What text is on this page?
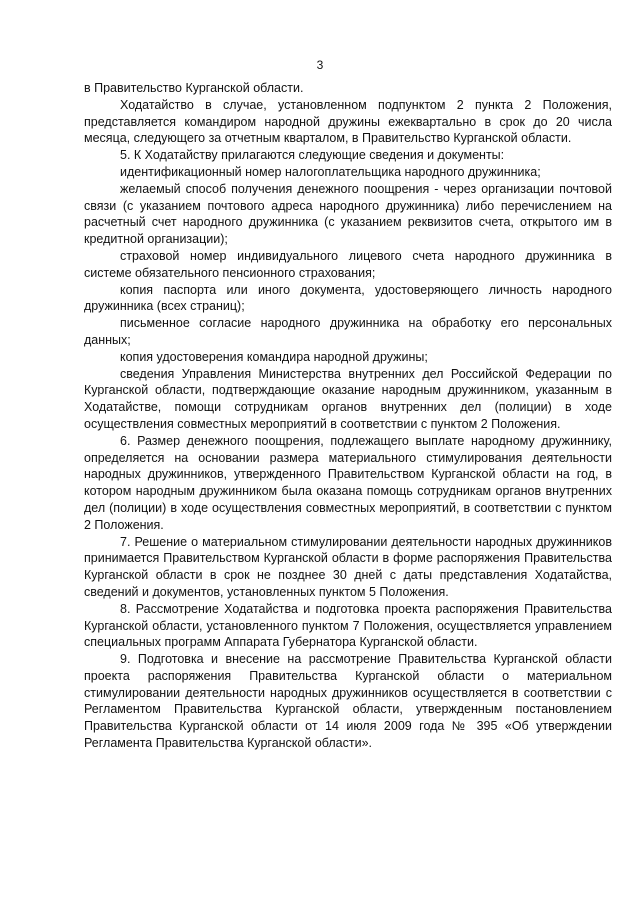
3

в Правительство Курганской области.

Ходатайство в случае, установленном подпунктом 2 пункта 2 Положения, представляется командиром народной дружины ежеквартально в срок до 20 числа месяца, следующего за отчетным кварталом, в Правительство Курганской области.

5. К Ходатайству прилагаются следующие сведения и документы:

идентификационный номер налогоплательщика народного дружинника;

желаемый способ получения денежного поощрения - через организации почтовой связи (с указанием почтового адреса народного дружинника) либо перечислением на расчетный счет народного дружинника (с указанием реквизитов счета, открытого им в кредитной организации);

страховой номер индивидуального лицевого счета народного дружинника в системе обязательного пенсионного страхования;

копия паспорта или иного документа, удостоверяющего личность народного дружинника (всех страниц);

письменное согласие народного дружинника на обработку его персональных данных;

копия удостоверения командира народной дружины;

сведения Управления Министерства внутренних дел Российской Федерации по Курганской области, подтверждающие оказание народным дружинником, указанным в Ходатайстве, помощи сотрудникам органов внутренних дел (полиции) в ходе осуществления совместных мероприятий в соответствии с пунктом 2 Положения.

6. Размер денежного поощрения, подлежащего выплате народному дружиннику, определяется на основании размера материального стимулирования деятельности народных дружинников, утвержденного Правительством Курганской области на год, в котором народным дружинником была оказана помощь сотрудникам органов внутренних дел (полиции) в ходе осуществления совместных мероприятий, в соответствии с пунктом 2 Положения.

7. Решение о материальном стимулировании деятельности народных дружинников принимается Правительством Курганской области в форме распоряжения Правительства Курганской области в срок не позднее 30 дней с даты представления Ходатайства, сведений и документов, установленных пунктом 5 Положения.

8. Рассмотрение Ходатайства и подготовка проекта распоряжения Правительства Курганской области, установленного пунктом 7 Положения, осуществляется управлением специальных программ Аппарата Губернатора Курганской области.

9. Подготовка и внесение на рассмотрение Правительства Курганской области проекта распоряжения Правительства Курганской области о материальном стимулировании деятельности народных дружинников осуществляется в соответствии с Регламентом Правительства Курганской области, утвержденным постановлением Правительства Курганской области от 14 июля 2009 года № 395 «Об утверждении Регламента Правительства Курганской области».
